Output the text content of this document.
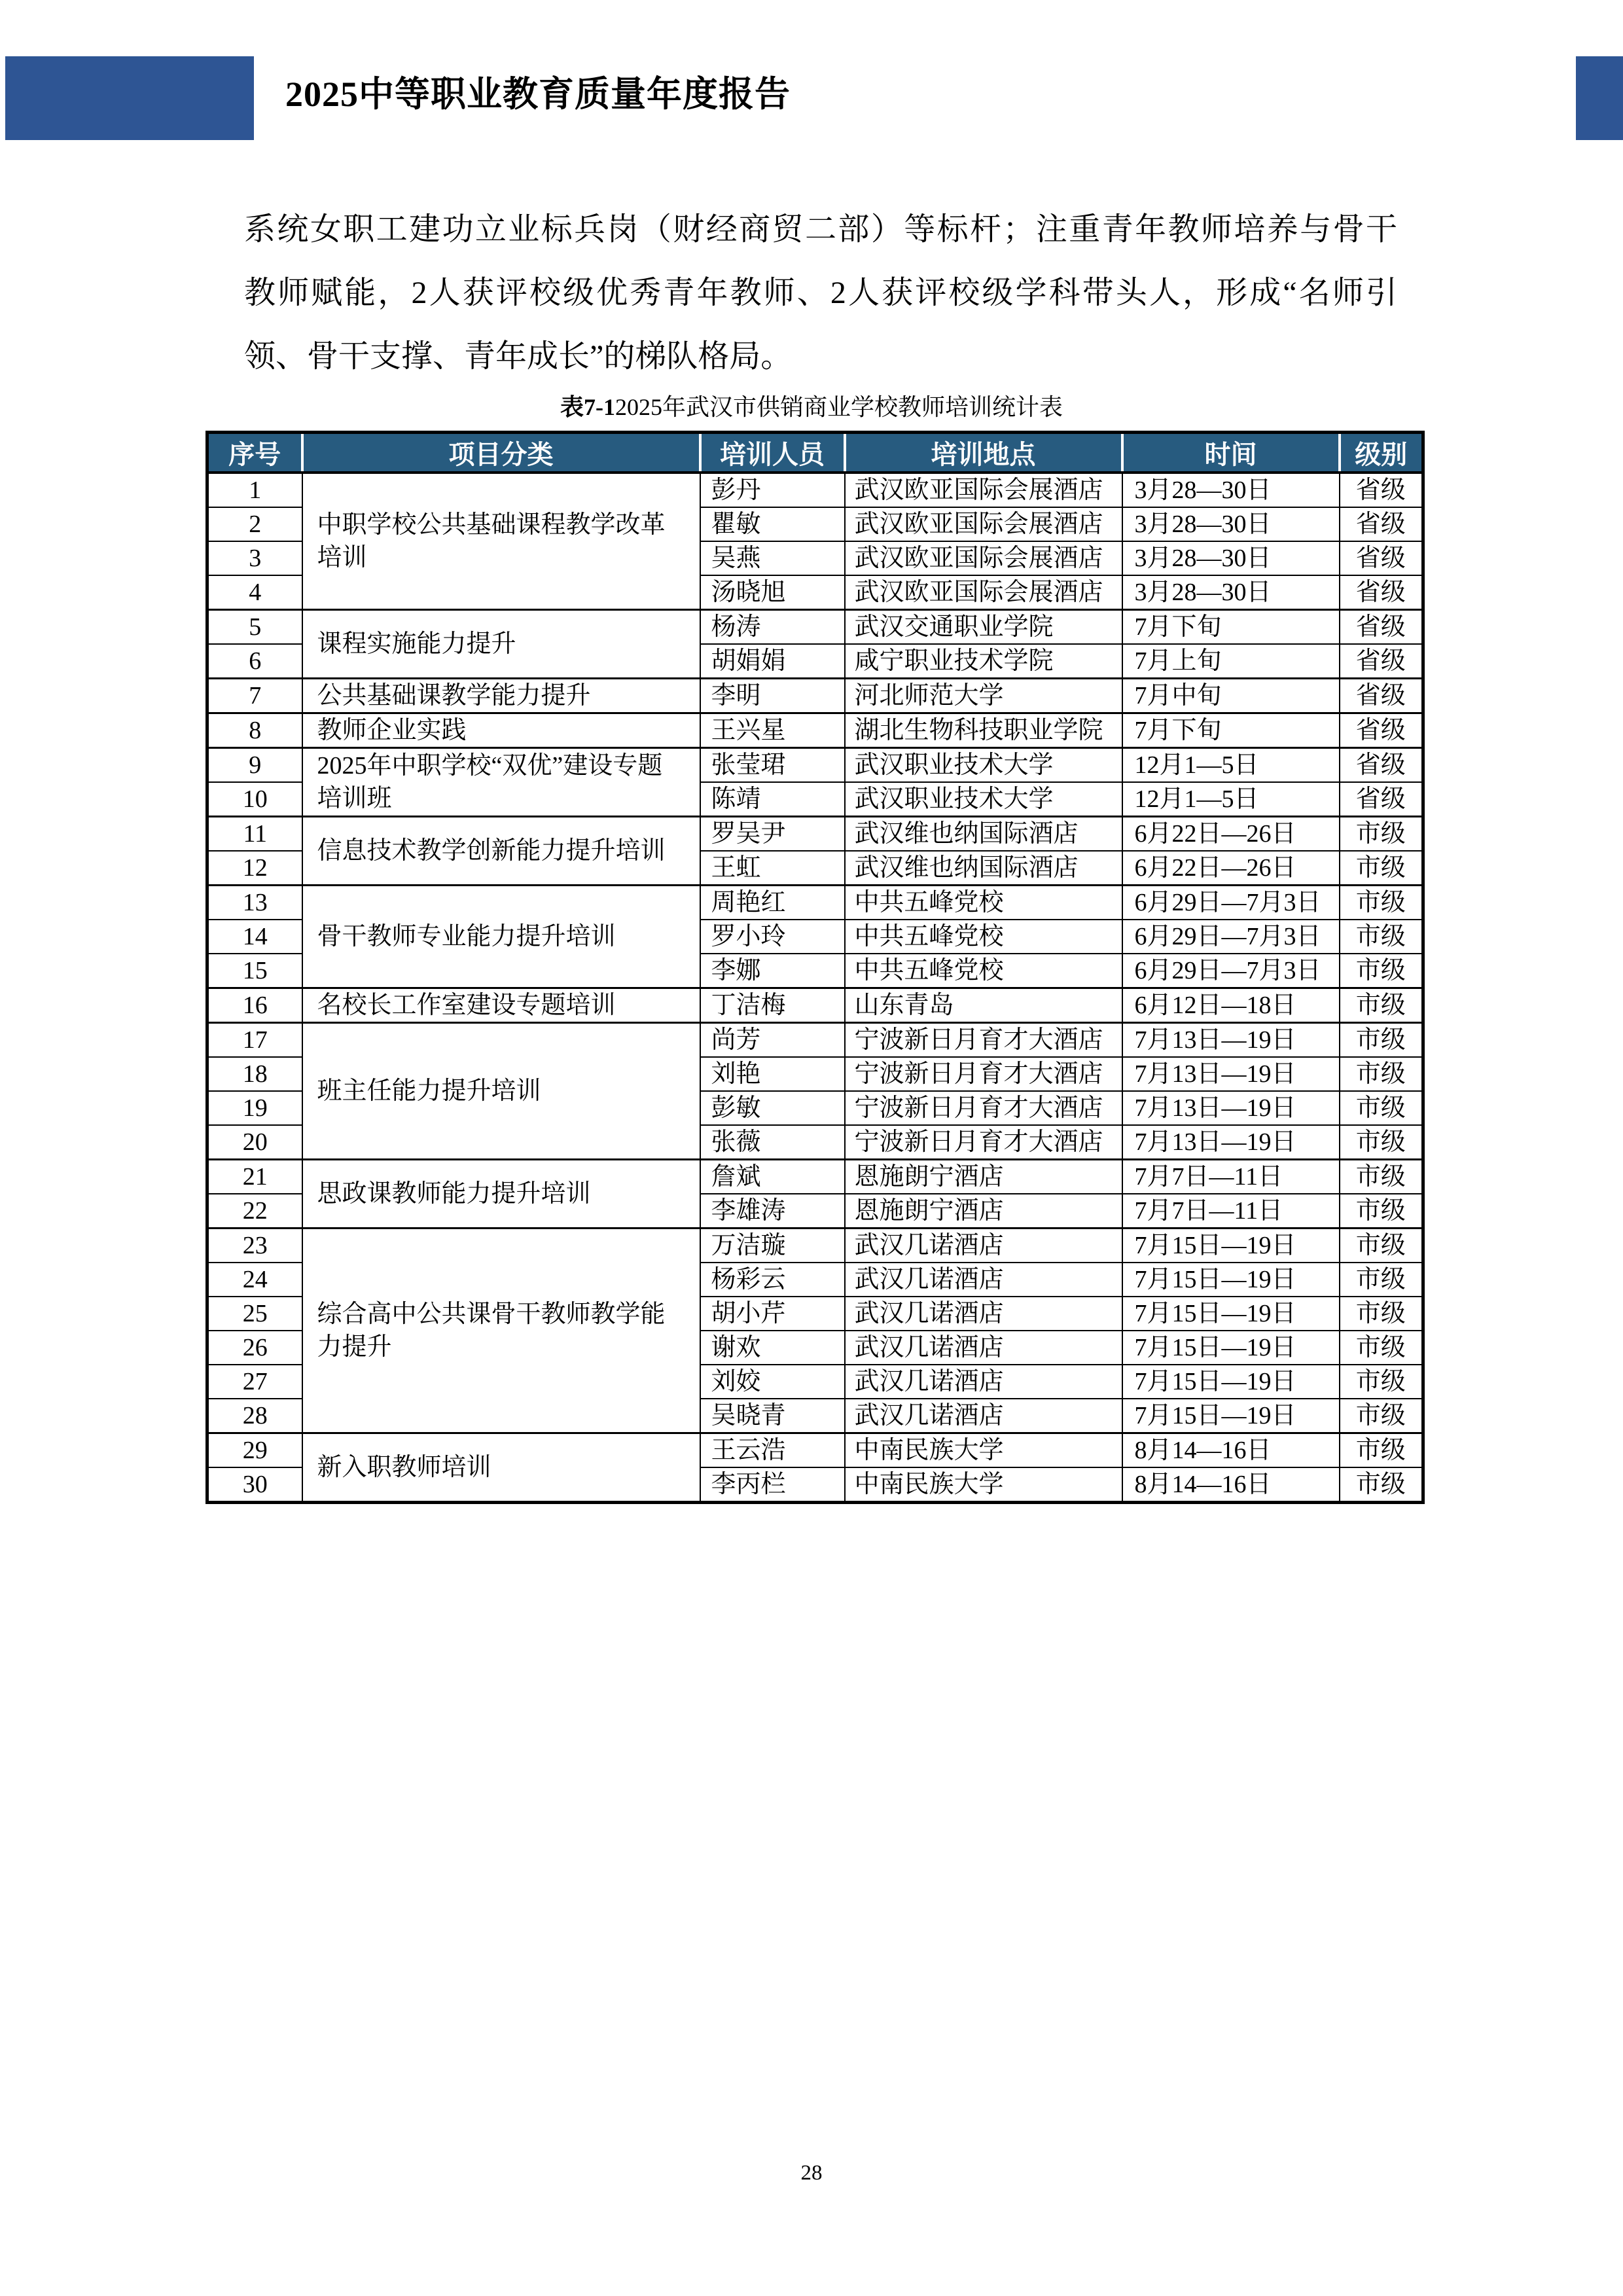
2025中等职业教育质量年度报告
系统女职工建功立业标兵岗（财经商贸二部）等标杆；注重青年教师培养与骨干
教师赋能，2人获评校级优秀青年教师、2人获评校级学科带头人，形成“名师引
领、骨干支撑、青年成长”的梯队格局。
表7-12025年武汉市供销商业学校教师培训统计表
序号	项目分类	培训人员	培训地点	时间	级别
1	中职学校公共基础课程教学改革培训	彭丹	武汉欧亚国际会展酒店	3月28—30日	省级
2		瞿敏	武汉欧亚国际会展酒店	3月28—30日	省级
3		吴燕	武汉欧亚国际会展酒店	3月28—30日	省级
4		汤晓旭	武汉欧亚国际会展酒店	3月28—30日	省级
5	课程实施能力提升	杨涛	武汉交通职业学院	7月下旬	省级
6		胡娟娟	咸宁职业技术学院	7月上旬	省级
7	公共基础课教学能力提升	李明	河北师范大学	7月中旬	省级
8	教师企业实践	王兴星	湖北生物科技职业学院	7月下旬	省级
9	2025年中职学校“双优”建设专题培训班	张莹珺	武汉职业技术大学	12月1—5日	省级
10		陈靖	武汉职业技术大学	12月1—5日	省级
11	信息技术教学创新能力提升培训	罗吴尹	武汉维也纳国际酒店	6月22日—26日	市级
12		王虹	武汉维也纳国际酒店	6月22日—26日	市级
13	骨干教师专业能力提升培训	周艳红	中共五峰党校	6月29日—7月3日	市级
14		罗小玲	中共五峰党校	6月29日—7月3日	市级
15		李娜	中共五峰党校	6月29日—7月3日	市级
16	名校长工作室建设专题培训	丁洁梅	山东青岛	6月12日—18日	市级
17	班主任能力提升培训	尚芳	宁波新日月育才大酒店	7月13日—19日	市级
18		刘艳	宁波新日月育才大酒店	7月13日—19日	市级
19		彭敏	宁波新日月育才大酒店	7月13日—19日	市级
20		张薇	宁波新日月育才大酒店	7月13日—19日	市级
21	思政课教师能力提升培训	詹斌	恩施朗宁酒店	7月7日—11日	市级
22		李雄涛	恩施朗宁酒店	7月7日—11日	市级
23	综合高中公共课骨干教师教学能力提升	万洁璇	武汉几诺酒店	7月15日—19日	市级
24		杨彩云	武汉几诺酒店	7月15日—19日	市级
25		胡小芹	武汉几诺酒店	7月15日—19日	市级
26		谢欢	武汉几诺酒店	7月15日—19日	市级
27		刘姣	武汉几诺酒店	7月15日—19日	市级
28		吴晓青	武汉几诺酒店	7月15日—19日	市级
29	新入职教师培训	王云浩	中南民族大学	8月14—16日	市级
30		李丙栏	中南民族大学	8月14—16日	市级
28
